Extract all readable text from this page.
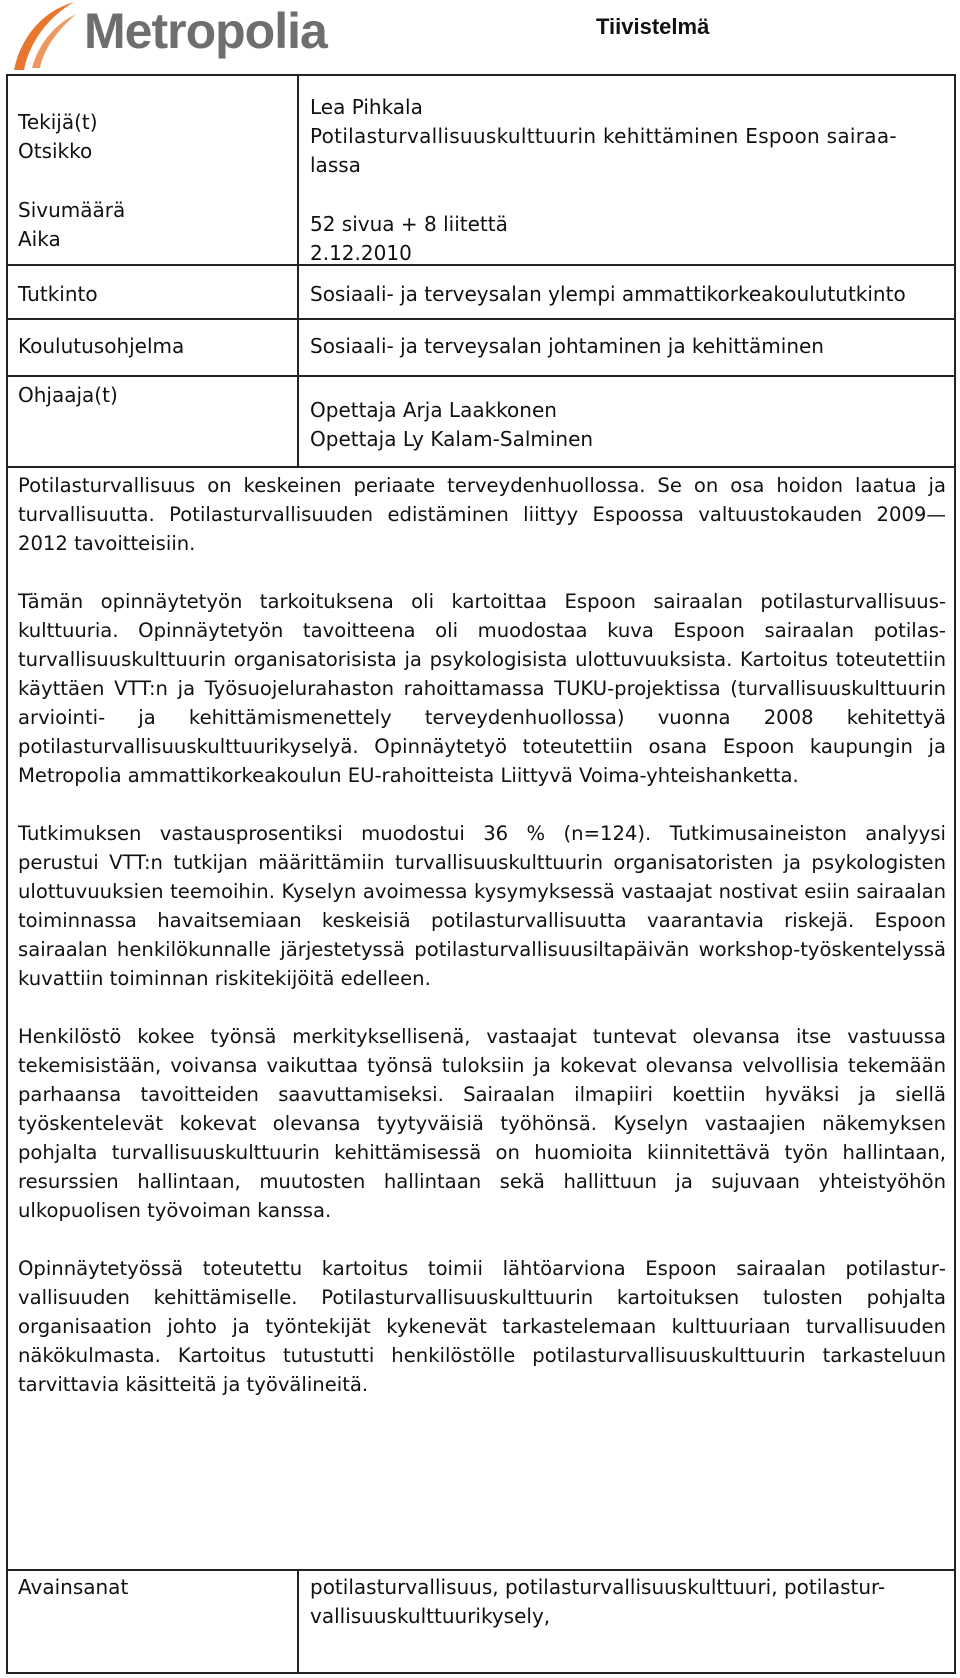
Metropolia	Tiivistelmä
Tekijä(t)
Otsikko
Sivumäärä
Aika
Tutkinto
Koulutusohjelma
Ohjaaja(t)
Lea Pihkala
Potilasturvallisuuskulttuurin kehittäminen Espoon sairaa-
lassa
52 sivua + 8 liitettä
2.12.2010
Sosiaali- ja terveysalan ylempi ammattikorkeakoulututkinto
Sosiaali- ja terveysalan johtaminen ja kehittäminen
Opettaja Arja Laakkonen
Opettaja Ly Kalam-Salminen

Potilasturvallisuus on keskeinen periaate terveydenhuollossa. Se on osa hoidon laatua ja turvallisuutta. Potilasturvallisuuden edistäminen liittyy Espoossa valtuustokauden 2009—2012 tavoitteisiin.

Tämän opinnäytetyön tarkoituksena oli kartoittaa Espoon sairaalan potilasturvallisuuskulttuuria. Opinnäytetyön tavoitteena oli muodostaa kuva Espoon sairaalan potilasturvallisuuskulttuurin organisatorisista ja psykologisista ulottuvuuksista. Kartoitus toteutettiin käyttäen VTT:n ja Työsuojelurahaston rahoittamassa TUKU-projektissa (turvallisuuskulttuurin arviointi- ja kehittämismenettely terveydenhuollossa) vuonna 2008 kehitettyä potilasturvallisuuskulttuurikyselyä. Opinnäytetyö toteutettiin osana Espoon kaupungin ja Metropolia ammattikorkeakoulun EU-rahoitteista Liittyvä Voima-yhteishanketta.

Tutkimuksen vastausprosentiksi muodostui 36 % (n=124). Tutkimusaineiston analyysi perustui VTT:n tutkijan määrittämiin turvallisuuskulttuurin organisatoristen ja psykologisten ulottuvuuksien teemoihin. Kyselyn avoimessa kysymyksessä vastaajat nostivat esiin sairaalan toiminnassa havaitsemiaan keskeisiä potilasturvallisuutta vaarantavia riskejä. Espoon sairaalan henkilökunnalle järjestetyssä potilasturvallisuusiltapäivän workshop-työskentelyssä kuvattiin toiminnan riskitekijöitä edelleen.

Henkilöstö kokee työnsä merkityksellisenä, vastaajat tuntevat olevansa itse vastuussa tekemisistään, voivansa vaikuttaa työnsä tuloksiin ja kokevat olevansa velvollisia tekemään parhaansa tavoitteiden saavuttamiseksi. Sairaalan ilmapiiri koettiin hyväksi ja siellä työskentelevät kokevat olevansa tyytyväisiä työhönsä. Kyselyn vastaajien näkemyksen pohjalta turvallisuuskulttuurin kehittämisessä on huomioita kiinnitettävä työn hallintaan, resurssien hallintaan, muutosten hallintaan sekä hallittuun ja sujuvaan yhteistyöhön ulkopuolisen työvoiman kanssa.

Opinnäytetyössä toteutettu kartoitus toimii lähtöarviona Espoon sairaalan potilasturvallisuuden kehittämiselle. Potilasturvallisuuskulttuurin kartoituksen tulosten pohjalta organisaation johto ja työntekijät kykenevät tarkastelemaan kulttuuriaan turvallisuuden näkökulmasta. Kartoitus tutustutti henkilöstölle potilasturvallisuuskulttuurin tarkasteluun tarvittavia käsitteitä ja työvälineitä.

Avainsanat	potilasturvallisuus, potilasturvallisuuskulttuuri, potilastur-
vallisuuskulttuurikysely,
